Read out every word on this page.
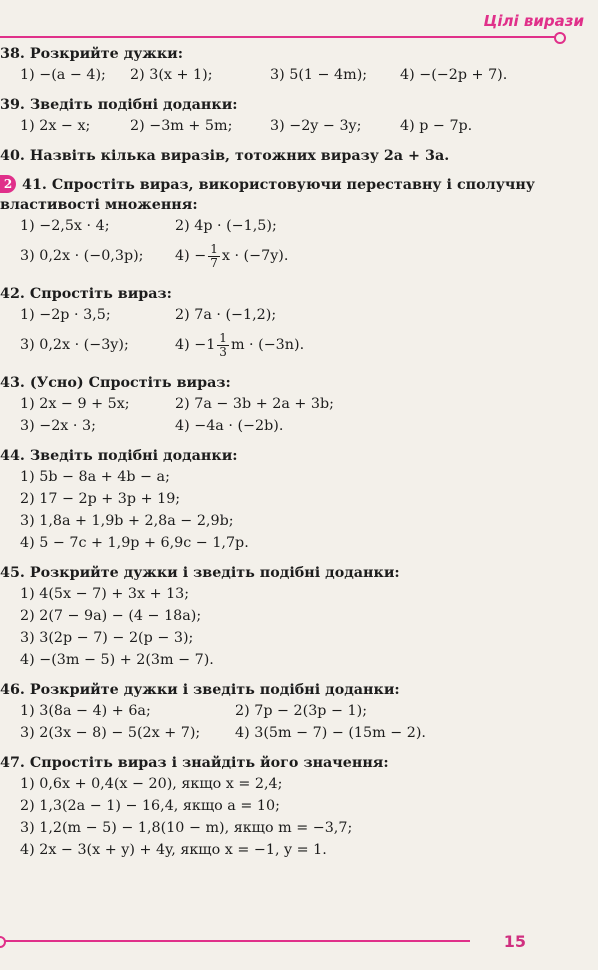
Цілі вирази
38. Розкрийте дужки:
1) −(a − 4);	2) 3(x + 1);	3) 5(1 − 4m);	4) −(−2p + 7).
39. Зведіть подібні доданки:
1) 2x − x;	2) −3m + 5m;	3) −2y − 3y;	4) p − 7p.
40. Назвіть кілька виразів, тотожних виразу 2a + 3a.
2 41. Спростіть вираз, використовуючи переставну і сполучну властивості множення:
1) −2,5x · 4;	2) 4p · (−1,5);
3) 0,2x · (−0,3p);	$4) - \frac{1}{7}$ x · (−7y).
42. Спростіть вираз:
1) −2p · 3,5;	2) 7a · (−1,2);
3) 0,2x · (−3y);	$4) -1 \frac{1}{3}$ m · (−3n).
43. (Усно) Спростіть вираз:
1) 2x − 9 + 5x;	2) 7a − 3b + 2a + 3b;
3) −2x · 3;	4) −4a · (−2b).
44. Зведіть подібні доданки:
1) 5b − 8a + 4b − a;
2) 17 − 2p + 3p + 19;
3) 1,8a + 1,9b + 2,8a − 2,9b;
4) 5 − 7c + 1,9p + 6,9c − 1,7p.
45. Розкрийте дужки і зведіть подібні доданки:
1) 4(5x − 7) + 3x + 13;
2) 2(7 − 9a) − (4 − 18a);
3) 3(2p − 7) − 2(p − 3);
4) −(3m − 5) + 2(3m − 7).
46. Розкрийте дужки і зведіть подібні доданки:
1) 3(8a − 4) + 6a;	2) 7p − 2(3p − 1);
3) 2(3x − 8) − 5(2x + 7);	4) 3(5m − 7) − (15m − 2).
47. Спростіть вираз і знайдіть його значення:
1) 0,6x + 0,4(x − 20), якщо x = 2,4;
2) 1,3(2a − 1) − 16,4, якщо a = 10;
3) 1,2(m − 5) − 1,8(10 − m), якщо m = −3,7;
4) 2x − 3(x + y) + 4y, якщо x = −1, y = 1.
15
